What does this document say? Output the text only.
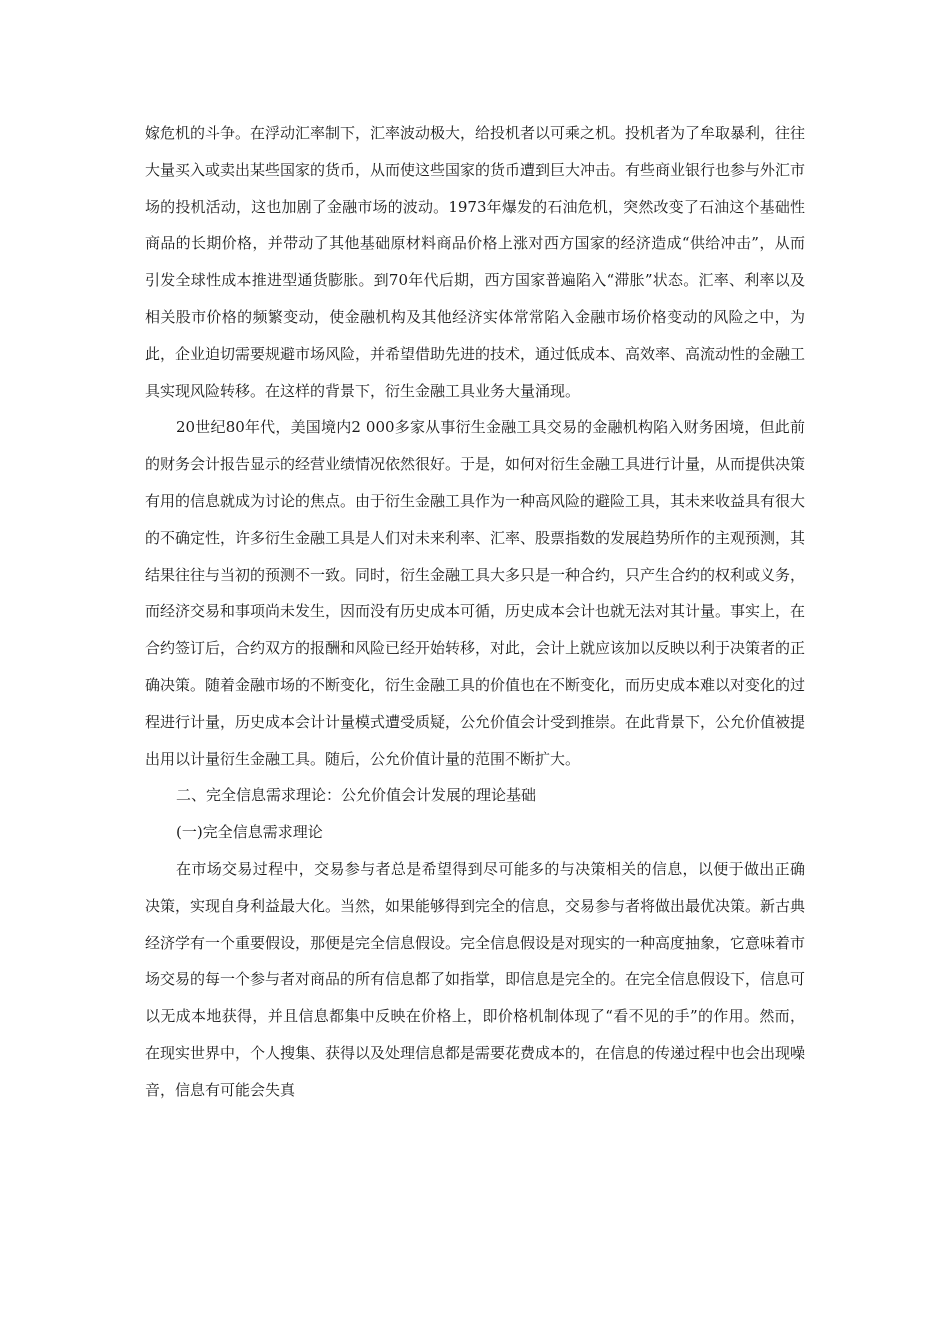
嫁危机的斗争。在浮动汇率制下，汇率波动极大，给投机者以可乘之机。投机者为了牟取暴利，往往大量买入或卖出某些国家的货币，从而使这些国家的货币遭到巨大冲击。有些商业银行也参与外汇市场的投机活动，这也加剧了金融市场的波动。1973年爆发的石油危机，突然改变了石油这个基础性商品的长期价格，并带动了其他基础原材料商品价格上涨对西方国家的经济造成“供给冲击”，从而引发全球性成本推进型通货膨胀。到70年代后期，西方国家普遍陷入“滞胀”状态。汇率、利率以及相关股市价格的频繁变动，使金融机构及其他经济实体常常陷入金融市场价格变动的风险之中，为此，企业迫切需要规避市场风险，并希望借助先进的技术，通过低成本、高效率、高流动性的金融工具实现风险转移。在这样的背景下，衍生金融工具业务大量涌现。

20世纪80年代，美国境内2 000多家从事衍生金融工具交易的金融机构陷入财务困境，但此前的财务会计报告显示的经营业绩情况依然很好。于是，如何对衍生金融工具进行计量，从而提供决策有用的信息就成为讨论的焦点。由于衍生金融工具作为一种高风险的避险工具，其未来收益具有很大的不确定性，许多衍生金融工具是人们对未来利率、汇率、股票指数的发展趋势所作的主观预测，其结果往往与当初的预测不一致。同时，衍生金融工具大多只是一种合约，只产生合约的权利或义务，而经济交易和事项尚未发生，因而没有历史成本可循，历史成本会计也就无法对其计量。事实上，在合约签订后，合约双方的报酬和风险已经开始转移，对此，会计上就应该加以反映以利于决策者的正确决策。随着金融市场的不断变化，衍生金融工具的价值也在不断变化，而历史成本难以对变化的过程进行计量，历史成本会计计量模式遭受质疑，公允价值会计受到推崇。在此背景下，公允价值被提出用以计量衍生金融工具。随后，公允价值计量的范围不断扩大。

二、完全信息需求理论：公允价值会计发展的理论基础

(一)完全信息需求理论

在市场交易过程中，交易参与者总是希望得到尽可能多的与决策相关的信息，以便于做出正确决策，实现自身利益最大化。当然，如果能够得到完全的信息，交易参与者将做出最优决策。新古典经济学有一个重要假设，那便是完全信息假设。完全信息假设是对现实的一种高度抽象，它意味着市场交易的每一个参与者对商品的所有信息都了如指掌，即信息是完全的。在完全信息假设下，信息可以无成本地获得，并且信息都集中反映在价格上，即价格机制体现了“看不见的手”的作用。然而，在现实世界中，个人搜集、获得以及处理信息都是需要花费成本的，在信息的传递过程中也会出现噪音，信息有可能会失真
